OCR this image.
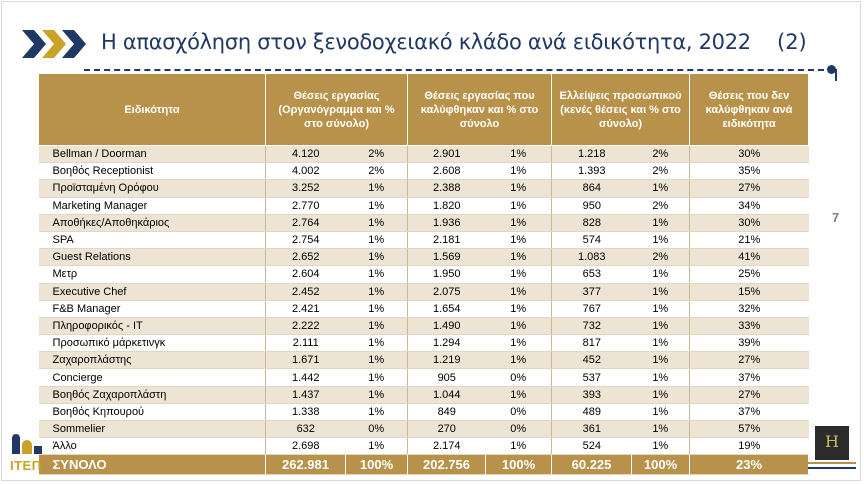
Η απασχόληση στον ξενοδοχειακό κλάδο ανά ειδικότητα, 2022 (2)
7
Ειδικότητα	Θέσεις εργασίας (Οργανόγραμμα και % στο σύνολο)		Θέσεις εργασίας που καλύφθηκαν και % στο σύνολο		Ελλείψεις προσωπικού (κενές θέσεις και % στο σύνολο)		Θέσεις που δεν καλύφθηκαν ανά ειδικότητα
Bellman / Doorman	4.120	2%	2.901	1%	1.218	2%	30%
Βοηθός Receptionist	4.002	2%	2.608	1%	1.393	2%	35%
Προϊσταμένη Ορόφου	3.252	1%	2.388	1%	864	1%	27%
Marketing Manager	2.770	1%	1.820	1%	950	2%	34%
Αποθήκες/Αποθηκάριος	2.764	1%	1.936	1%	828	1%	30%
SPA	2.754	1%	2.181	1%	574	1%	21%
Guest Relations	2.652	1%	1.569	1%	1.083	2%	41%
Μετρ	2.604	1%	1.950	1%	653	1%	25%
Executive Chef	2.452	1%	2.075	1%	377	1%	15%
F&B Manager	2.421	1%	1.654	1%	767	1%	32%
Πληροφορικός - IT	2.222	1%	1.490	1%	732	1%	33%
Προσωπικό μάρκετινγκ	2.111	1%	1.294	1%	817	1%	39%
Ζαχαροπλάστης	1.671	1%	1.219	1%	452	1%	27%
Concierge	1.442	1%	905	0%	537	1%	37%
Βοηθός Ζαχαροπλάστη	1.437	1%	1.044	1%	393	1%	27%
Βοηθός Κηπουρού	1.338	1%	849	0%	489	1%	37%
Sommelier	632	0%	270	0%	361	1%	57%
Άλλο	2.698	1%	2.174	1%	524	1%	19%
ΣΥΝΟΛΟ	262.981	100%	202.756	100%	60.225	100%	23%
ITEΠ
H
